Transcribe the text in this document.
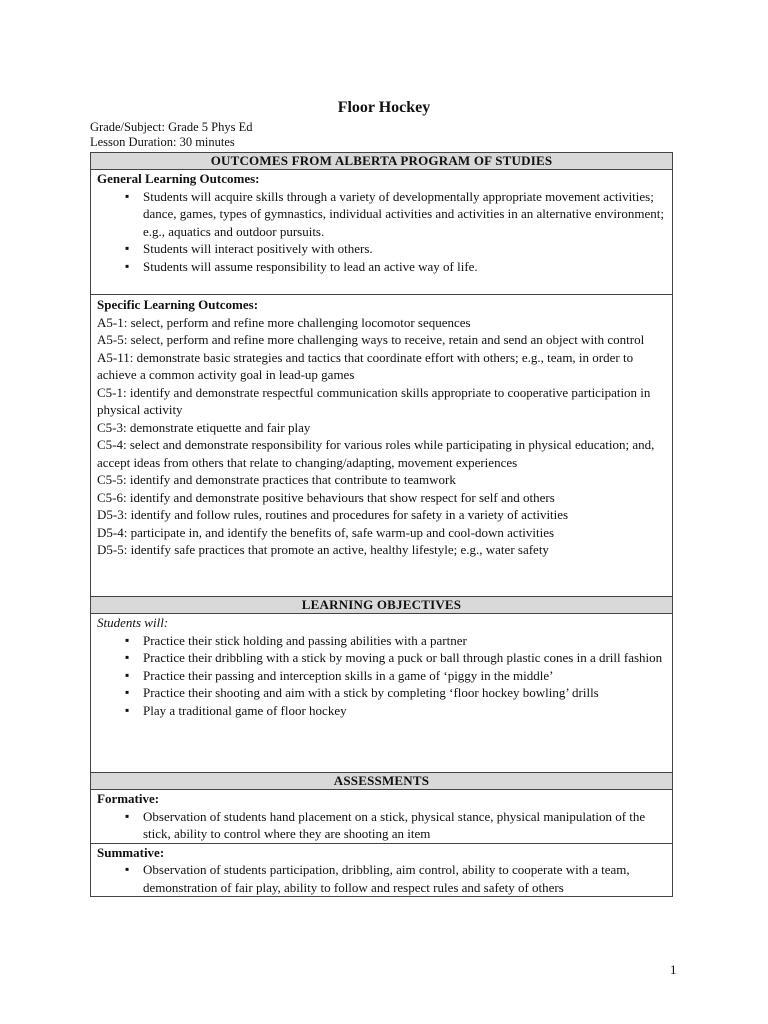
Floor Hockey
Grade/Subject: Grade 5 Phys Ed
Lesson Duration: 30 minutes
OUTCOMES FROM ALBERTA PROGRAM OF STUDIES

General Learning Outcomes:
▪ Students will acquire skills through a variety of developmentally appropriate movement activities; dance, games, types of gymnastics, individual activities and activities in an alternative environment; e.g., aquatics and outdoor pursuits.
▪ Students will interact positively with others.
▪ Students will assume responsibility to lead an active way of life.

Specific Learning Outcomes:
A5-1: select, perform and refine more challenging locomotor sequences
A5-5: select, perform and refine more challenging ways to receive, retain and send an object with control
A5-11: demonstrate basic strategies and tactics that coordinate effort with others; e.g., team, in order to achieve a common activity goal in lead-up games
C5-1: identify and demonstrate respectful communication skills appropriate to cooperative participation in physical activity
C5-3: demonstrate etiquette and fair play
C5-4: select and demonstrate responsibility for various roles while participating in physical education; and, accept ideas from others that relate to changing/adapting, movement experiences
C5-5: identify and demonstrate practices that contribute to teamwork
C5-6: identify and demonstrate positive behaviours that show respect for self and others
D5-3: identify and follow rules, routines and procedures for safety in a variety of activities
D5-4: participate in, and identify the benefits of, safe warm-up and cool-down activities
D5-5: identify safe practices that promote an active, healthy lifestyle; e.g., water safety

LEARNING OBJECTIVES

Students will:
▪ Practice their stick holding and passing abilities with a partner
▪ Practice their dribbling with a stick by moving a puck or ball through plastic cones in a drill fashion
▪ Practice their passing and interception skills in a game of ‘piggy in the middle’
▪ Practice their shooting and aim with a stick by completing ‘floor hockey bowling’ drills
▪ Play a traditional game of floor hockey

ASSESSMENTS

Formative:
▪ Observation of students hand placement on a stick, physical stance, physical manipulation of the stick, ability to control where they are shooting an item

Summative:
▪ Observation of students participation, dribbling, aim control, ability to cooperate with a team, demonstration of fair play, ability to follow and respect rules and safety of others
1
